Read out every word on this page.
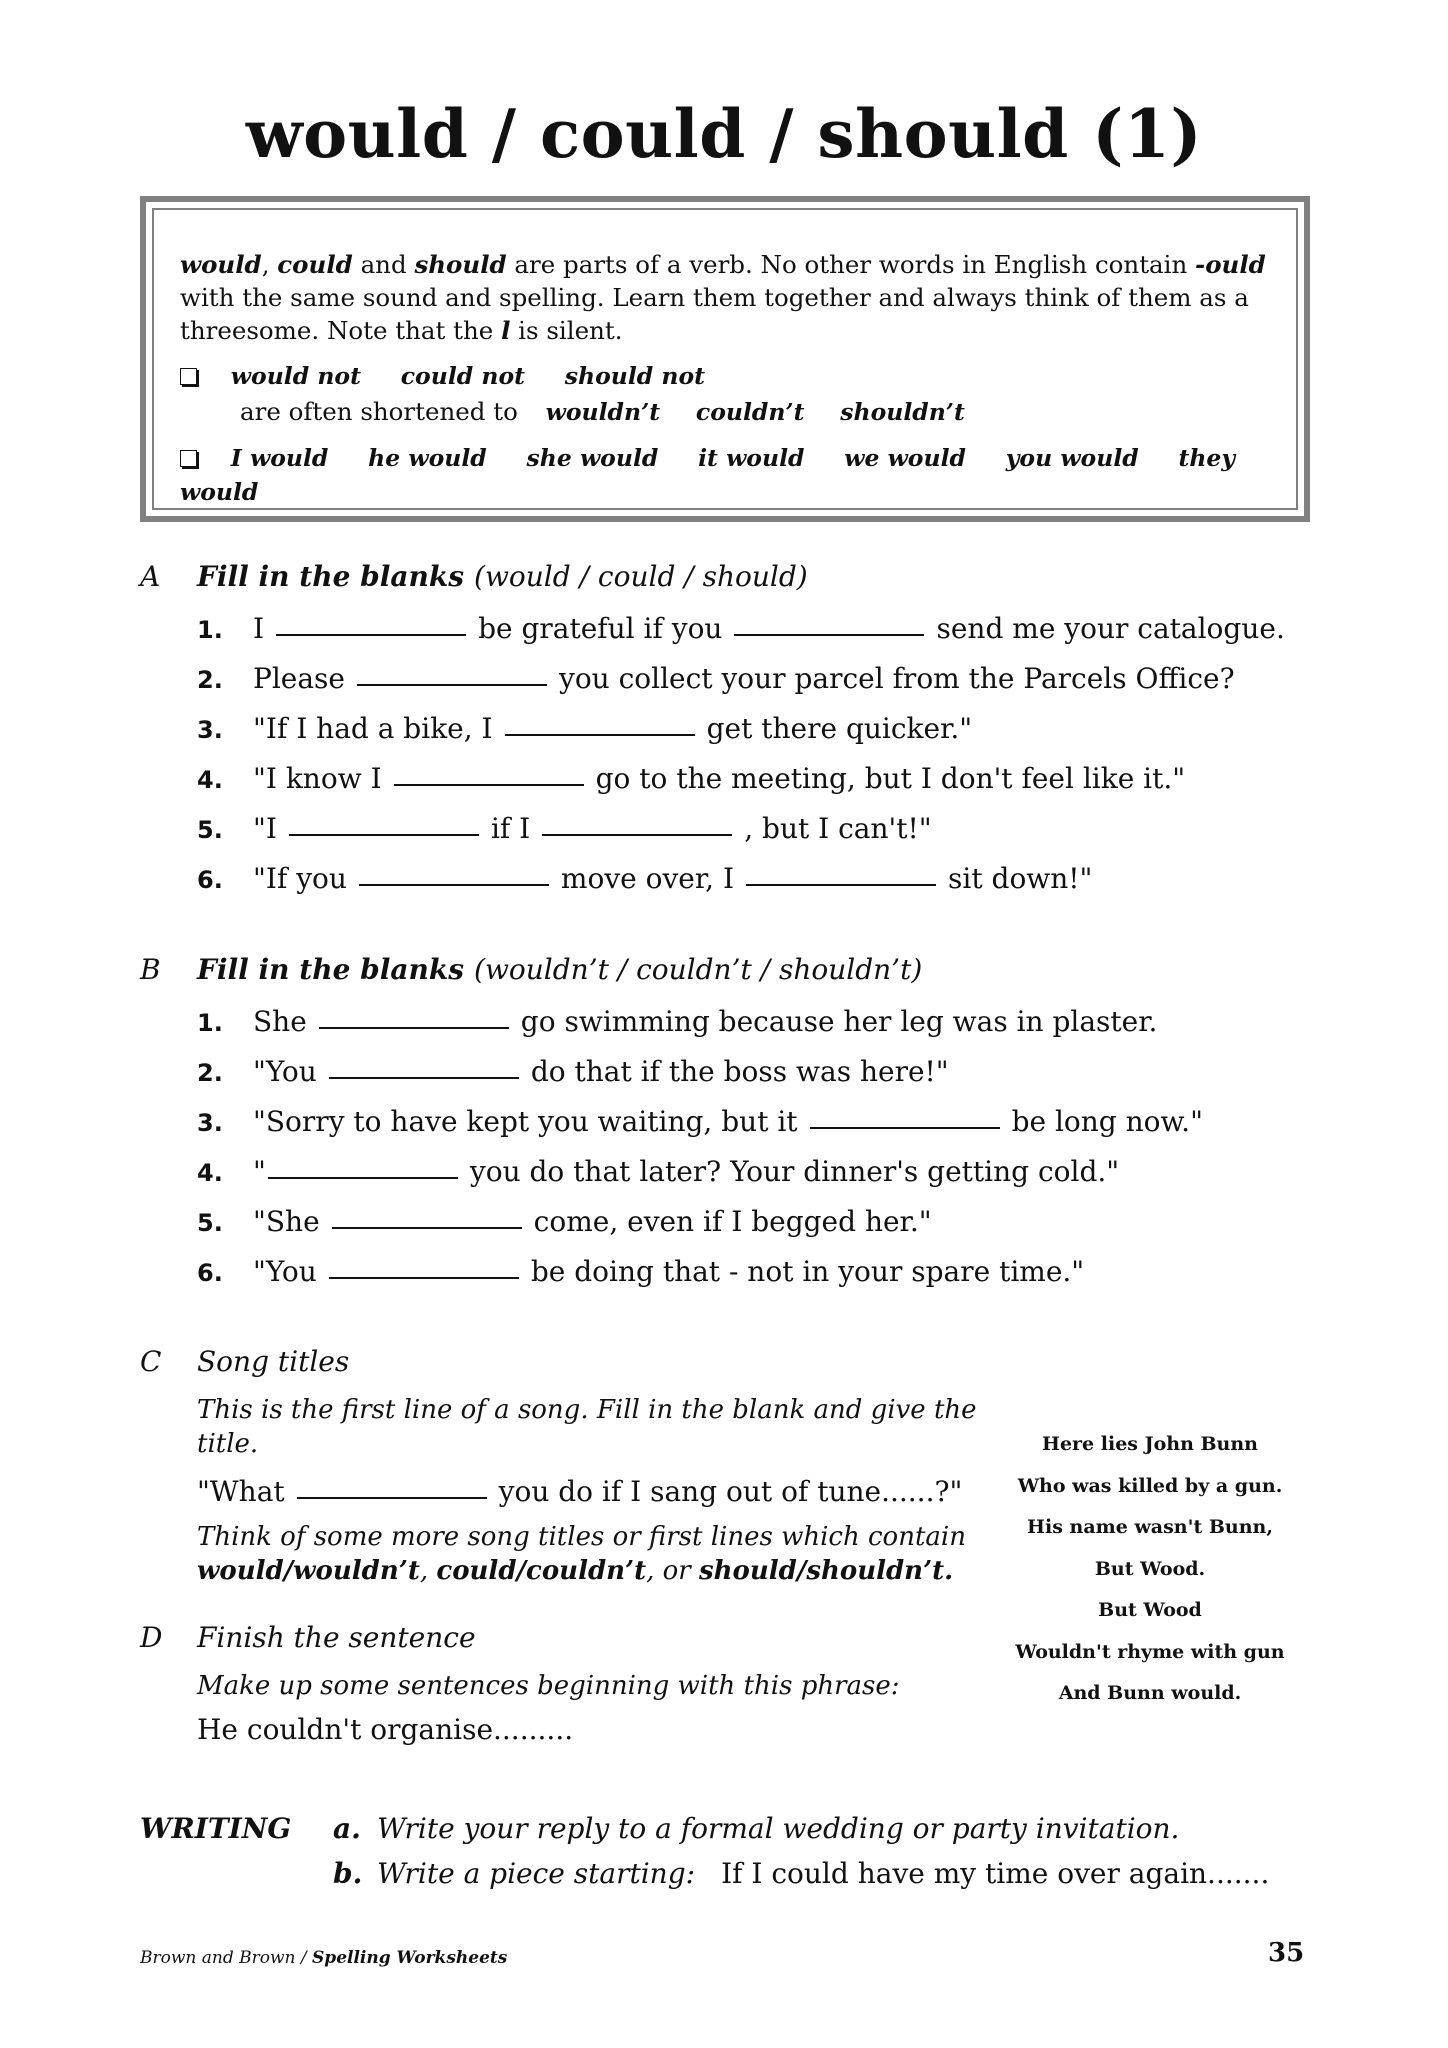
would / could / should (1)

would, could and should are parts of a verb. No other words in English contain -ould with the same sound and spelling. Learn them together and always think of them as a threesome. Note that the l is silent.

would not could not should not
are often shortened to wouldn’t couldn’t shouldn’t
I would he would she would it would we would you would they would
A Fill in the blanks (would / could / should)
1. I	be grateful if you	send me your catalogue.
2. Please	you collect your parcel from the Parcels Office?
3. "If I had a bike, I	get there quicker."
4. "I know I	go to the meeting, but I don't feel like it."
5. "I	if I	, but I can't!"
6. "If you	move over, I	sit down!"
B Fill in the blanks (wouldn’t / couldn’t / shouldn’t)
1. She	go swimming because her leg was in plaster.
2. "You	do that if the boss was here!"
3. "Sorry to have kept you waiting, but it	be long now."
4. "	you do that later? Your dinner's getting cold."
5. "She	come, even if I begged her."
6. "You	be doing that - not in your spare time."
C Song titles
This is the first line of a song. Fill in the blank and give the title.
"What	you do if I sang out of tune......?"
Think of some more song titles or first lines which contain
would/wouldn’t, could/couldn’t, or should/shouldn’t.
D Finish the sentence
Make up some sentences beginning with this phrase:
He couldn't organise.........
Here lies John Bunn
Who was killed by a gun.
His name wasn't Bunn,
But Wood.
But Wood
Wouldn't rhyme with gun
And Bunn would.
WRITING a. Write your reply to a formal wedding or party invitation.
b. Write a piece starting: If I could have my time over again.......
Brown and Brown / Spelling Worksheets	35
